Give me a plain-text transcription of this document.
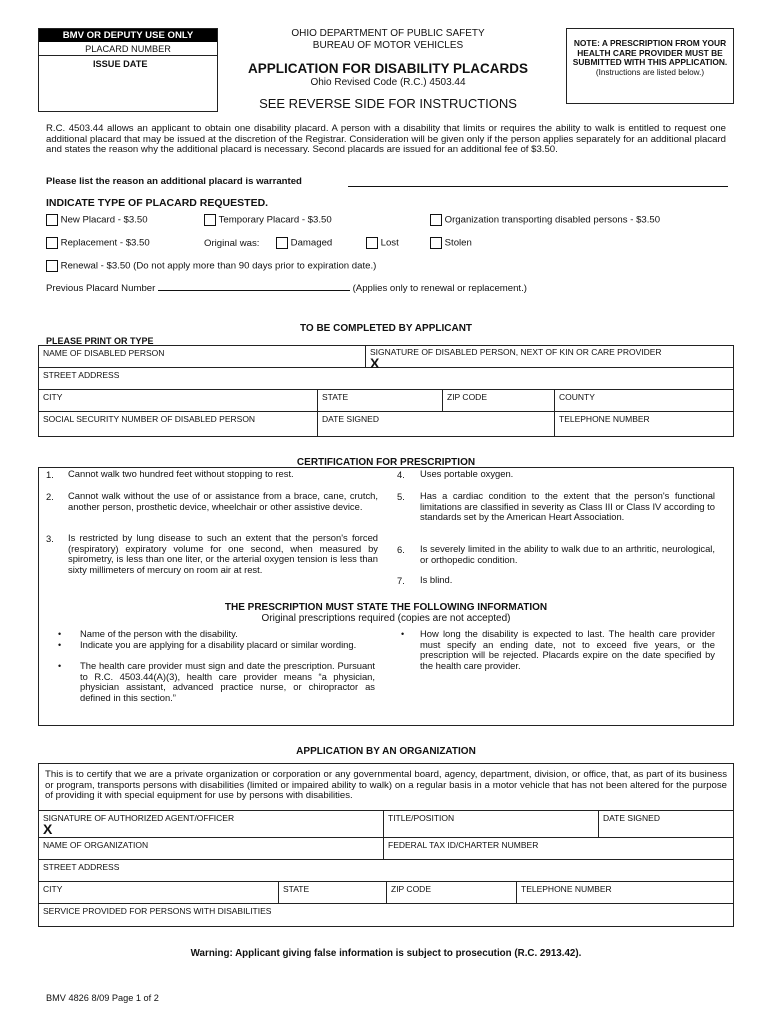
BMV OR DEPUTY USE ONLY
PLACARD NUMBER
ISSUE DATE
OHIO DEPARTMENT OF PUBLIC SAFETY
BUREAU OF MOTOR VEHICLES
APPLICATION FOR DISABILITY PLACARDS
Ohio Revised Code (R.C.) 4503.44
SEE REVERSE SIDE FOR INSTRUCTIONS
NOTE: A PRESCRIPTION FROM YOUR HEALTH CARE PROVIDER MUST BE SUBMITTED WITH THIS APPLICATION.
(Instructions are listed below.)
R.C. 4503.44 allows an applicant to obtain one disability placard. A person with a disability that limits or requires the ability to walk is entitled to request one additional placard that may be issued at the discretion of the Registrar. Consideration will be given only if the person applies separately for an additional placard and states the reason why the additional placard is necessary. Second placards are issued for an additional fee of $3.50.
Please list the reason an additional placard is warranted
INDICATE TYPE OF PLACARD REQUESTED.
New Placard - $3.50	Temporary Placard - $3.50	Organization transporting disabled persons - $3.50
Replacement - $3.50	Original was:	Damaged	Lost	Stolen
Renewal - $3.50 (Do not apply more than 90 days prior to expiration date.)
Previous Placard Number	(Applies only to renewal or replacement.)
TO BE COMPLETED BY APPLICANT
PLEASE PRINT OR TYPE
NAME OF DISABLED PERSON	SIGNATURE OF DISABLED PERSON, NEXT OF KIN OR CARE PROVIDER
X
STREET ADDRESS
CITY	STATE	ZIP CODE	COUNTY
SOCIAL SECURITY NUMBER OF DISABLED PERSON	DATE SIGNED	TELEPHONE NUMBER
CERTIFICATION FOR PRESCRIPTION
1. Cannot walk two hundred feet without stopping to rest.
2. Cannot walk without the use of or assistance from a brace, cane, crutch, another person, prosthetic device, wheelchair or other assistive device.
3. Is restricted by lung disease to such an extent that the person's forced (respiratory) expiratory volume for one second, when measured by spirometry, is less than one liter, or the arterial oxygen tension is less than sixty millimeters of mercury on room air at rest.
4. Uses portable oxygen.
5. Has a cardiac condition to the extent that the person's functional limitations are classified in severity as Class III or Class IV according to standards set by the American Heart Association.
6. Is severely limited in the ability to walk due to an arthritic, neurological, or orthopedic condition.
7. Is blind.
THE PRESCRIPTION MUST STATE THE FOLLOWING INFORMATION
Original prescriptions required (copies are not accepted)
• Name of the person with the disability.
• Indicate you are applying for a disability placard or similar wording.
• The health care provider must sign and date the prescription. Pursuant to R.C. 4503.44(A)(3), health care provider means “a physician, physician assistant, advanced practice nurse, or chiropractor as defined in this section.”
• How long the disability is expected to last. The health care provider must specify an ending date, not to exceed five years, or the prescription will be rejected. Placards expire on the date specified by the health care provider.
APPLICATION BY AN ORGANIZATION
This is to certify that we are a private organization or corporation or any governmental board, agency, department, division, or office, that, as part of its business or program, transports persons with disabilities (limited or impaired ability to walk) on a regular basis in a motor vehicle that has not been altered for the purpose of providing it with special equipment for use by persons with disabilities.
SIGNATURE OF AUTHORIZED AGENT/OFFICER
X
TITLE/POSITION	DATE SIGNED
NAME OF ORGANIZATION	FEDERAL TAX ID/CHARTER NUMBER
STREET ADDRESS
CITY	STATE	ZIP CODE	TELEPHONE NUMBER
SERVICE PROVIDED FOR PERSONS WITH DISABILITIES
Warning: Applicant giving false information is subject to prosecution (R.C. 2913.42).
BMV 4826 8/09 Page 1 of 2
